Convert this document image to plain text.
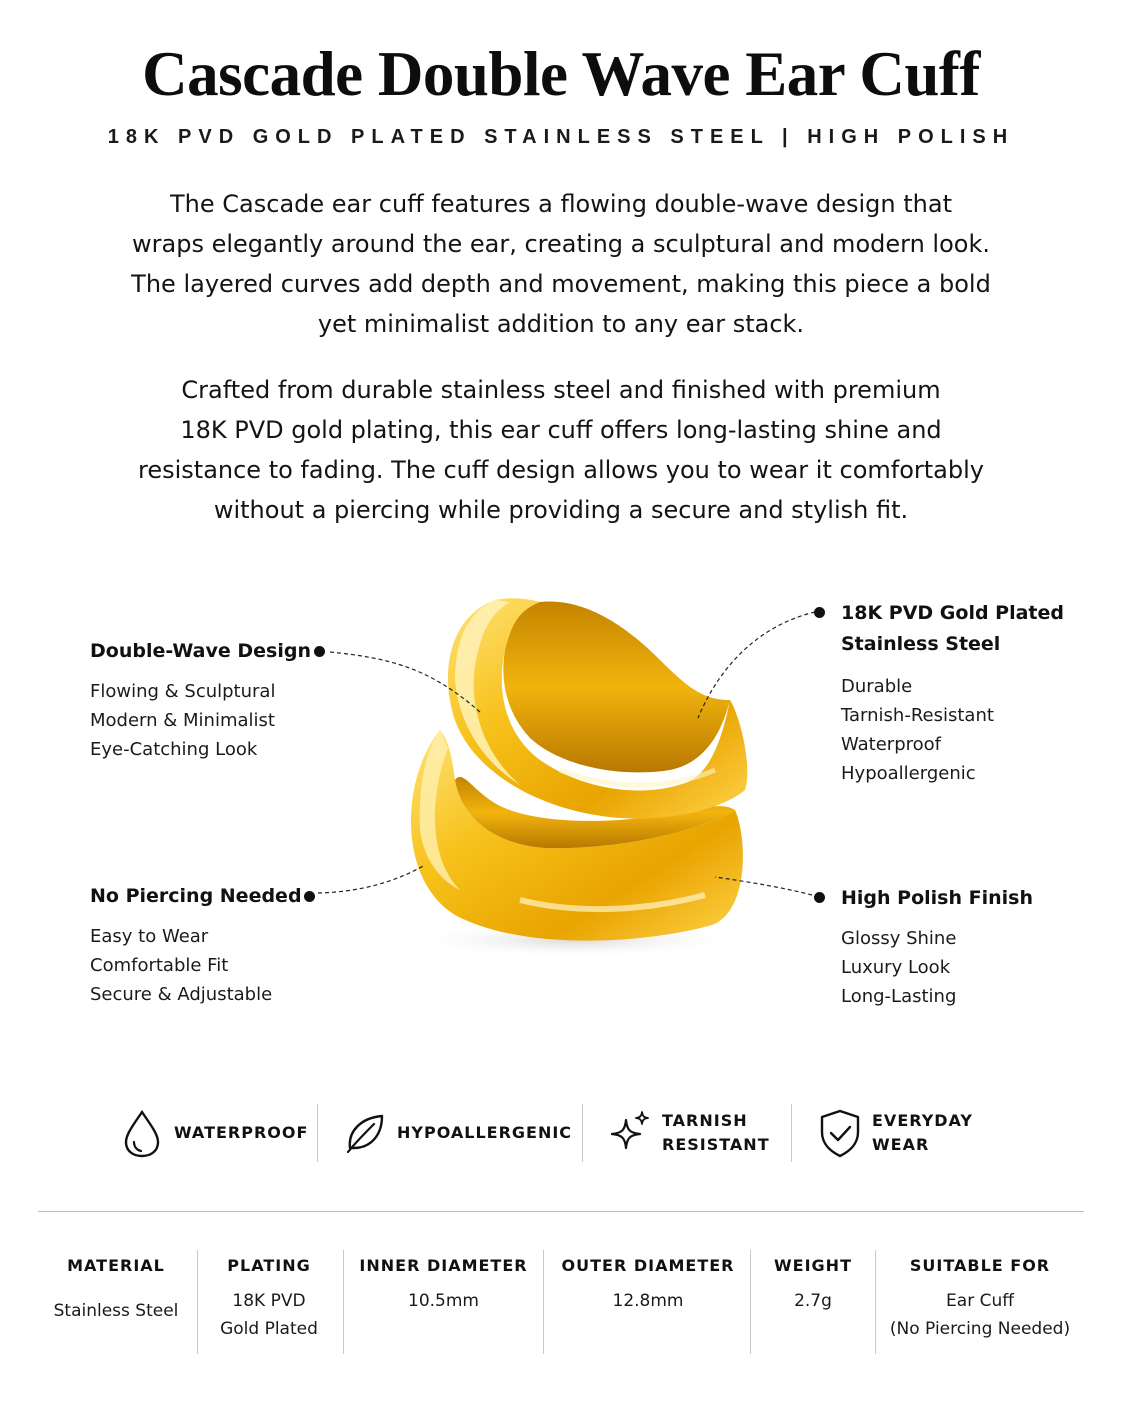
Cascade Double Wave Ear Cuff
18K PVD GOLD PLATED STAINLESS STEEL | HIGH POLISH

The Cascade ear cuff features a flowing double-wave design that

wraps elegantly around the ear, creating a sculptural and modern look.

The layered curves add depth and movement, making this piece a bold

yet minimalist addition to any ear stack.

Crafted from durable stainless steel and finished with premium

18K PVD gold plating, this ear cuff offers long-lasting shine and

resistance to fading. The cuff design allows you to wear it comfortably

without a piercing while providing a secure and stylish fit.

Double-Wave Design
Flowing & Sculptural
Modern & Minimalist
Eye-Catching Look
No Piercing Needed
Easy to Wear
Comfortable Fit
Secure & Adjustable
18K PVD Gold Plated
Stainless Steel
Durable
Tarnish-Resistant
Waterproof
Hypoallergenic
High Polish Finish
Glossy Shine
Luxury Look
Long-Lasting
WATERPROOF	HYPOALLERGENIC
TARNISH
RESISTANT
EVERYDAY
WEAR
MATERIAL
Stainless Steel
PLATING
18K PVD
Gold Plated
INNER DIAMETER
10.5mm
OUTER DIAMETER
12.8mm
WEIGHT
2.7g
SUITABLE FOR
Ear Cuff
(No Piercing Needed)
